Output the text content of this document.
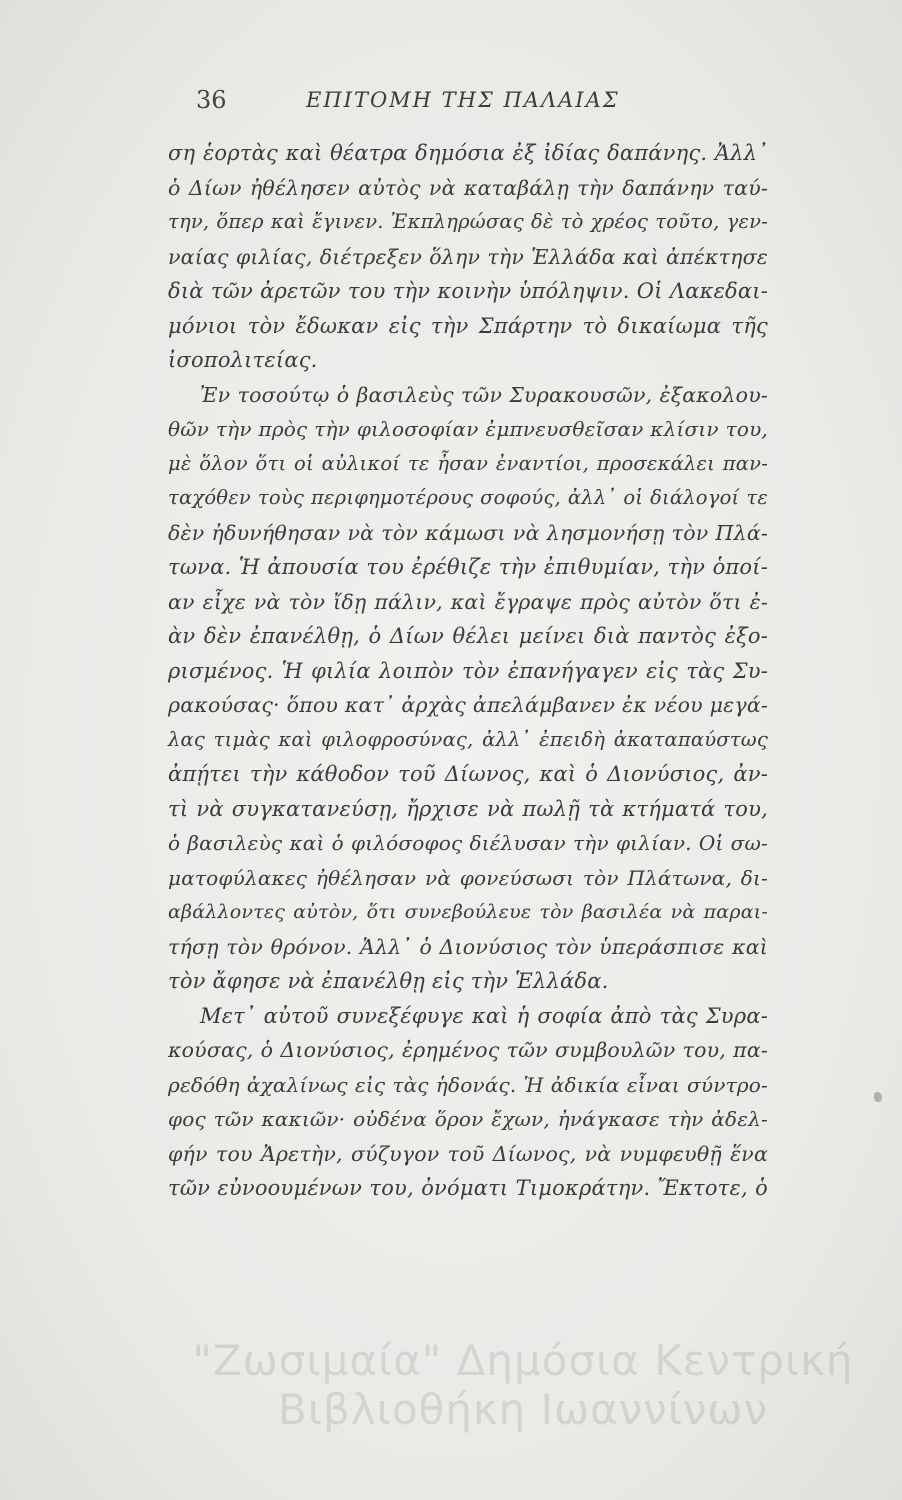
36	ΕΠΙΤΟΜΗ ΤΗΣ ΠΑΛΑΙΑΣ
ση ἑορτὰς καὶ θέατρα δημόσια ἐξ ἰδίας δαπάνης. Ἀλλ᾽
ὁ Δίων ἠθέλησεν αὐτὸς νὰ καταβάλῃ τὴν δαπάνην ταύ-
την, ὅπερ καὶ ἔγινεν. Ἐκπληρώσας δὲ τὸ χρέος τοῦτο, γεν-
ναίας φιλίας, διέτρεξεν ὅλην τὴν Ἑλλάδα καὶ ἀπέκτησε
διὰ τῶν ἀρετῶν του τὴν κοινὴν ὑπόληψιν. Οἱ Λακεδαι-
μόνιοι τὸν ἔδωκαν εἰς τὴν Σπάρτην τὸ δικαίωμα τῆς
ἰσοπολιτείας.
Ἐν τοσούτῳ ὁ βασιλεὺς τῶν Συρακουσῶν, ἐξακολου-
θῶν τὴν πρὸς τὴν φιλοσοφίαν ἐμπνευσθεῖσαν κλίσιν του,
μὲ ὅλον ὅτι οἱ αὐλικοί τε ἦσαν ἐναντίοι, προσεκάλει παν-
ταχόθεν τοὺς περιφημοτέρους σοφούς, ἀλλ᾽ οἱ διάλογοί τε
δὲν ἠδυνήθησαν νὰ τὸν κάμωσι νὰ λησμονήσῃ τὸν Πλά-
τωνα. Ἡ ἀπουσία του ἐρέθιζε τὴν ἐπιθυμίαν, τὴν ὁποί-
αν εἶχε νὰ τὸν ἴδῃ πάλιν, καὶ ἔγραψε πρὸς αὐτὸν ὅτι ἐ-
ὰν δὲν ἐπανέλθῃ, ὁ Δίων θέλει μείνει διὰ παντὸς ἐξο-
ρισμένος. Ἡ φιλία λοιπὸν τὸν ἐπανήγαγεν εἰς τὰς Συ-
ρακούσας· ὅπου κατ᾽ ἀρχὰς ἀπελάμβανεν ἐκ νέου μεγά-
λας τιμὰς καὶ φιλοφροσύνας, ἀλλ᾽ ἐπειδὴ ἀκαταπαύστως
ἀπῄτει τὴν κάθοδον τοῦ Δίωνος, καὶ ὁ Διονύσιος, ἀν-
τὶ νὰ συγκατανεύσῃ, ἤρχισε νὰ πωλῇ τὰ κτήματά του,
ὁ βασιλεὺς καὶ ὁ φιλόσοφος διέλυσαν τὴν φιλίαν. Οἱ σω-
ματοφύλακες ἠθέλησαν νὰ φονεύσωσι τὸν Πλάτωνα, δι-
αβάλλοντες αὐτὸν, ὅτι συνεβούλευε τὸν βασιλέα νὰ παραι-
τήσῃ τὸν θρόνον. Ἀλλ᾽ ὁ Διονύσιος τὸν ὑπεράσπισε καὶ
τὸν ἄφησε νὰ ἐπανέλθῃ εἰς τὴν Ἑλλάδα.
Μετ᾽ αὐτοῦ συνεξέφυγε καὶ ἡ σοφία ἀπὸ τὰς Συρα-
κούσας, ὁ Διονύσιος, ἐρημένος τῶν συμβουλῶν του, πα-
ρεδόθη ἀχαλίνως εἰς τὰς ἡδονάς. Ἡ ἀδικία εἶναι σύντρο-
φος τῶν κακιῶν· οὐδένα ὅρον ἔχων, ἠνάγκασε τὴν ἀδελ-
φήν του Ἀρετὴν, σύζυγον τοῦ Δίωνος, νὰ νυμφευθῇ ἕνα
τῶν εὐνοουμένων του, ὀνόματι Τιμοκράτην. Ἔκτοτε, ὁ
"Ζωσιμαία" Δημόσια Κεντρική
Βιβλιοθήκη Ιωαννίνων
